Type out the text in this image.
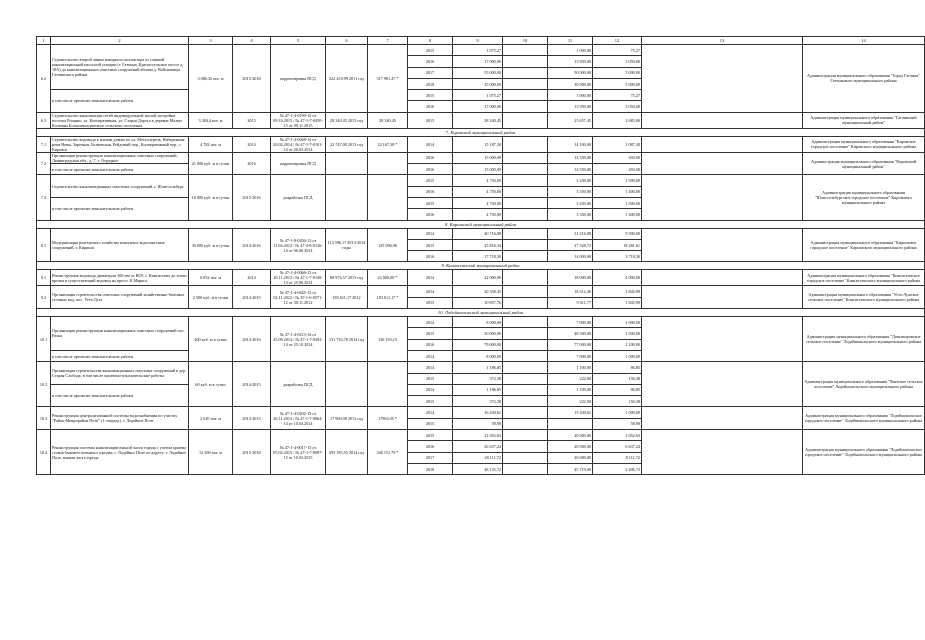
1	2	3	4	5	6	7	8	9	10	11	12	13	14	
6.2	Строительство второй линии напорного коллектора от главной канализационной насосной станции (г. Гатчина, Красносельское шоссе д. 18А) до канализационных очистных сооружений вблизи д. Войсковицы Гатчинского района	3 086,32 пог. м	2015-2018	корректировка ПСД	222 419,99 2011 год	317 981,47 *	2015	1 075,27		1 000,00	75,27		Администрация муниципального образования "Город Гатчина" Гатчинского муниципального района	
							2016	17 000,00		13 950,00	3 050,00			
							2017	55 000,00		50 000,00	5 000,00			
							2018	35 000,00		30 000,00	5 000,00			
	в том числе проектно-изыскательские работы						2015	1 075,27		1 000,00	75,27			
							2016	17 000,00		13 950,00	3 050,00			
6.3	Строительство канализации сетей индивидуальной жилой застройки поселка Рощино, ул. Кооперативная, ул. Старая Дорога в деревне Малые Колпаны Большеколпанского сельского поселения	3 384,4 пог. м	2015	№ 47-1-4-0190-15 от 09.10.2015 / № 47-1-7-0450-15 от 09.11.2015	28 340,45 2015 год	28 340,45	2015	28 340,45		25 657,45	2 683,00		Администрация муниципального образования "Гатчинский муниципальный район"	
7. Кировский муниципальный район														
7.1	Строительство водовода к жилым домам по ул. Металлургов, Набережная реки Невы, Заречная, Беляевская, Рейдовый пер., Кооперативный пер., г. Кировск	4 782 пог. м	2014	№ 47-1-4-0048-14 от 20.02.2014 / № 47-1-7-0101-14 от 26.03.2014	22 747,00 2013 год	22 167,38 *	2014	15 187,30		14 100,00	1 087,30		Администрация муниципального образования "Кировское городское поселение" Кировского муниципального района	
7.2	Организация реконструкции канализационных очистных сооружений, Ленинградская обл., д. 7, г. Отрадное	21 000 куб. м в сутки	2016	корректировка ПСД			2016	15 000,00		14 550,00	450,00		Администрация муниципального образования "Кировский муниципальный район"	
	в том числе проектно-изыскательские работы						2016	15 000,00		14 550,00	450,00			
7.3	Строительство канализационных очистных сооружений, г. Шлиссельбург	10 000 куб. м в сутки	2015-2016	разработка ПСД			2015	4 750,00		3 250,00	1 500,00		Администрация муниципального образования "Шлиссельбургское городское поселение" Кировского муниципального района	
							2016	4 750,00		3 350,00	1 400,00			
	в том числе проектно-изыскательские работы						2015	4 750,00		3 250,00	1 500,00			
							2016	4 750,00		3 350,00	1 400,00			
8. Киришский муниципальный район														
8.1	Модернизация реагентного хозяйства комплекса водоочистных сооружений, г. Кириши	30 000 куб. м в сутки	2014-2016	№ 47-1-8-0294-13 от 11.04.2013 / № 47-4-8-0126-14 от 06.06.2014	114 596,17 2013-2014 годы	125 096,96	2014	40 716,08		31 216,08	9 500,00		Администрация муниципального образования "Киришское городское поселение" Киришского муниципального района	
							2015	45 816,34		27 528,73	18 281,61			
							2016	17 718,30		14 000,00	3 718,30			
9. Кингисеппский муниципальный район														
9.1	Реконструкция водовода диаметром 300 мм от ВОС г. Кингисеппа до точки врезки в существующий водовод на просп. К.Маркса	6 852 пог. м	2014	№ 47-1-4-0066-13 от 20.11.2013 / № 47-1-7-0149-14 от 25.06.2014	88 974,57 2013 год	22 000,00 *	2014	22 000,00		18 000,00	4 000,00		Администрация муниципального образования "Кингисеппское городское поселение" Кингисеппского муниципального района	
9.2	Организация строительства очистных сооружений хозяйственно-бытовых сточных вод, пос. Усть-Луга	2 500 куб. м в сутки	2014-2015	№ 47-1-4-0445-12 от 02.11.2012 / № 47-1-6-0571-12 от 30.11.2012	183 611,17 2012	183 611,17 *	2014	20 358,45		18 512,46	1 845,99		Администрация муниципального образования "Усть-Лужское сельское поселение" Кингисеппского муниципального района	
							2015	10 857,76		9 011,77	1 845,99			
10. Лодейнопольский муниципальный район														
10.1	Организация реконструкции канализационных очистных сооружений пос. Рахья	400 куб. м в сутки	2014-2016	№ 47-1-4-0213-14 от 25.09.2014 / № 47-1-7-0392-14 от 25.10.2014	131 716,78 2014 год	136 193,15	2014	8 000,00		7 000,00	1 000,00		Администрация муниципального образования "Доможировское сельское поселение" Лодейнопольского муниципального района	
							2015	50 000,00		48 500,00	1 500,00			
							2016	79 000,00		77 000,00	2 100,00			
	в том числе проектно-изыскательские работы						2014	8 000,00		7 000,00	1 000,00			
10.2	Организация строительства канализационных очистных сооружений в дер. Старая Слобода, в том числе проектно-изыскательские работы	60 куб. м в сутки	2014-2015	разработка ПСД			2014	1 186,85		1 100,00	86,85		Администрация муниципального образования "Янегское сельское поселение" Лодейнопольского муниципального района	
							2015	372,38		222,00	150,38			
	в том числе проектно-изыскательские работы						2014	1 186,85		1 100,00	86,85			
							2015	372,38		222,00	150,38			
10.3	Реконструкция централизованной системы водоснабжения по участку "Район Микрорайон Поле" (1 очередь), г. Лодейное Поле	2 620 пог. м	2014-2015	№ 47-1-4-0202-13 от 26.11.2013 / № 47-1-7-0064-14 от 10.04.2014	17 960,98 2013 год	17965,05 *	2014	16 430,61		15 430,61	1 000,00		Администрация муниципального образования "Лодейнопольское городское поселение" Лодейнопольского муниципального района	
							2015	58,90			58,90			
10.4	Реконструкция системы канализации южной части города с учетом приема стоков бывшего военного городка, г. Лодейное Поле по адресу: г. Лодейное Поле, южная часть города	12 300 пог. м	2015-2018	№ 47-1-4-0017-15 от 05.02.2015 / № 47-1-7-0087-15 от 10.03.2015	293 185,55 2014 год	340 151,79 *	2015	21 052,63		20 000,00	1 052,63		Администрация муниципального образования "Лодейнопольское городское поселение" Лодейнопольского муниципального района	
							2016	26 637,24		20 000,00	6 637,24			
							2017	28 111,72		20 000,00	8 111,72			
							2018	48 125,72		45 719,00	2 406,72			
